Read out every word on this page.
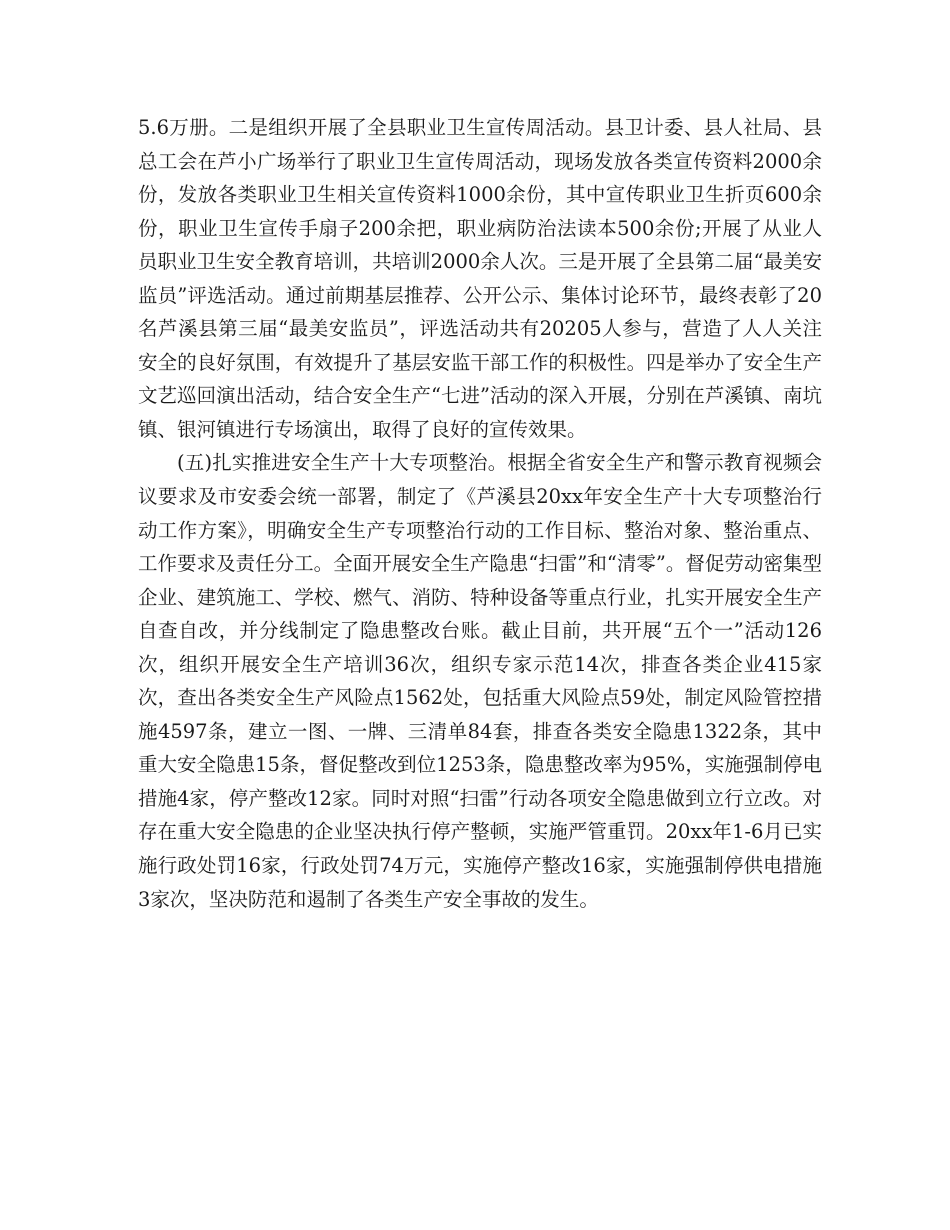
5.6万册。二是组织开展了全县职业卫生宣传周活动。县卫计委、县人社局、县总工会在芦小广场举行了职业卫生宣传周活动，现场发放各类宣传资料2000余份，发放各类职业卫生相关宣传资料1000余份，其中宣传职业卫生折页600余份，职业卫生宣传手扇子200余把，职业病防治法读本500余份;开展了从业人员职业卫生安全教育培训，共培训2000余人次。三是开展了全县第二届“最美安监员”评选活动。通过前期基层推荐、公开公示、集体讨论环节，最终表彰了20名芦溪县第三届“最美安监员”，评选活动共有20205人参与，营造了人人关注安全的良好氛围，有效提升了基层安监干部工作的积极性。四是举办了安全生产文艺巡回演出活动，结合安全生产“七进”活动的深入开展，分别在芦溪镇、南坑镇、银河镇进行专场演出，取得了良好的宣传效果。

(五)扎实推进安全生产十大专项整治。根据全省安全生产和警示教育视频会议要求及市安委会统一部署，制定了《芦溪县20xx年安全生产十大专项整治行动工作方案》，明确安全生产专项整治行动的工作目标、整治对象、整治重点、工作要求及责任分工。全面开展安全生产隐患“扫雷”和“清零”。督促劳动密集型企业、建筑施工、学校、燃气、消防、特种设备等重点行业，扎实开展安全生产自查自改，并分线制定了隐患整改台账。截止目前，共开展“五个一”活动126次，组织开展安全生产培训36次，组织专家示范14次，排查各类企业415家次，查出各类安全生产风险点1562处，包括重大风险点59处，制定风险管控措施4597条，建立一图、一牌、三清单84套，排查各类安全隐患1322条，其中重大安全隐患15条，督促整改到位1253条，隐患整改率为95%，实施强制停电措施4家，停产整改12家。同时对照“扫雷”行动各项安全隐患做到立行立改。对存在重大安全隐患的企业坚决执行停产整顿，实施严管重罚。20xx年1-6月已实施行政处罚16家，行政处罚74万元，实施停产整改16家，实施强制停供电措施3家次，坚决防范和遏制了各类生产安全事故的发生。
